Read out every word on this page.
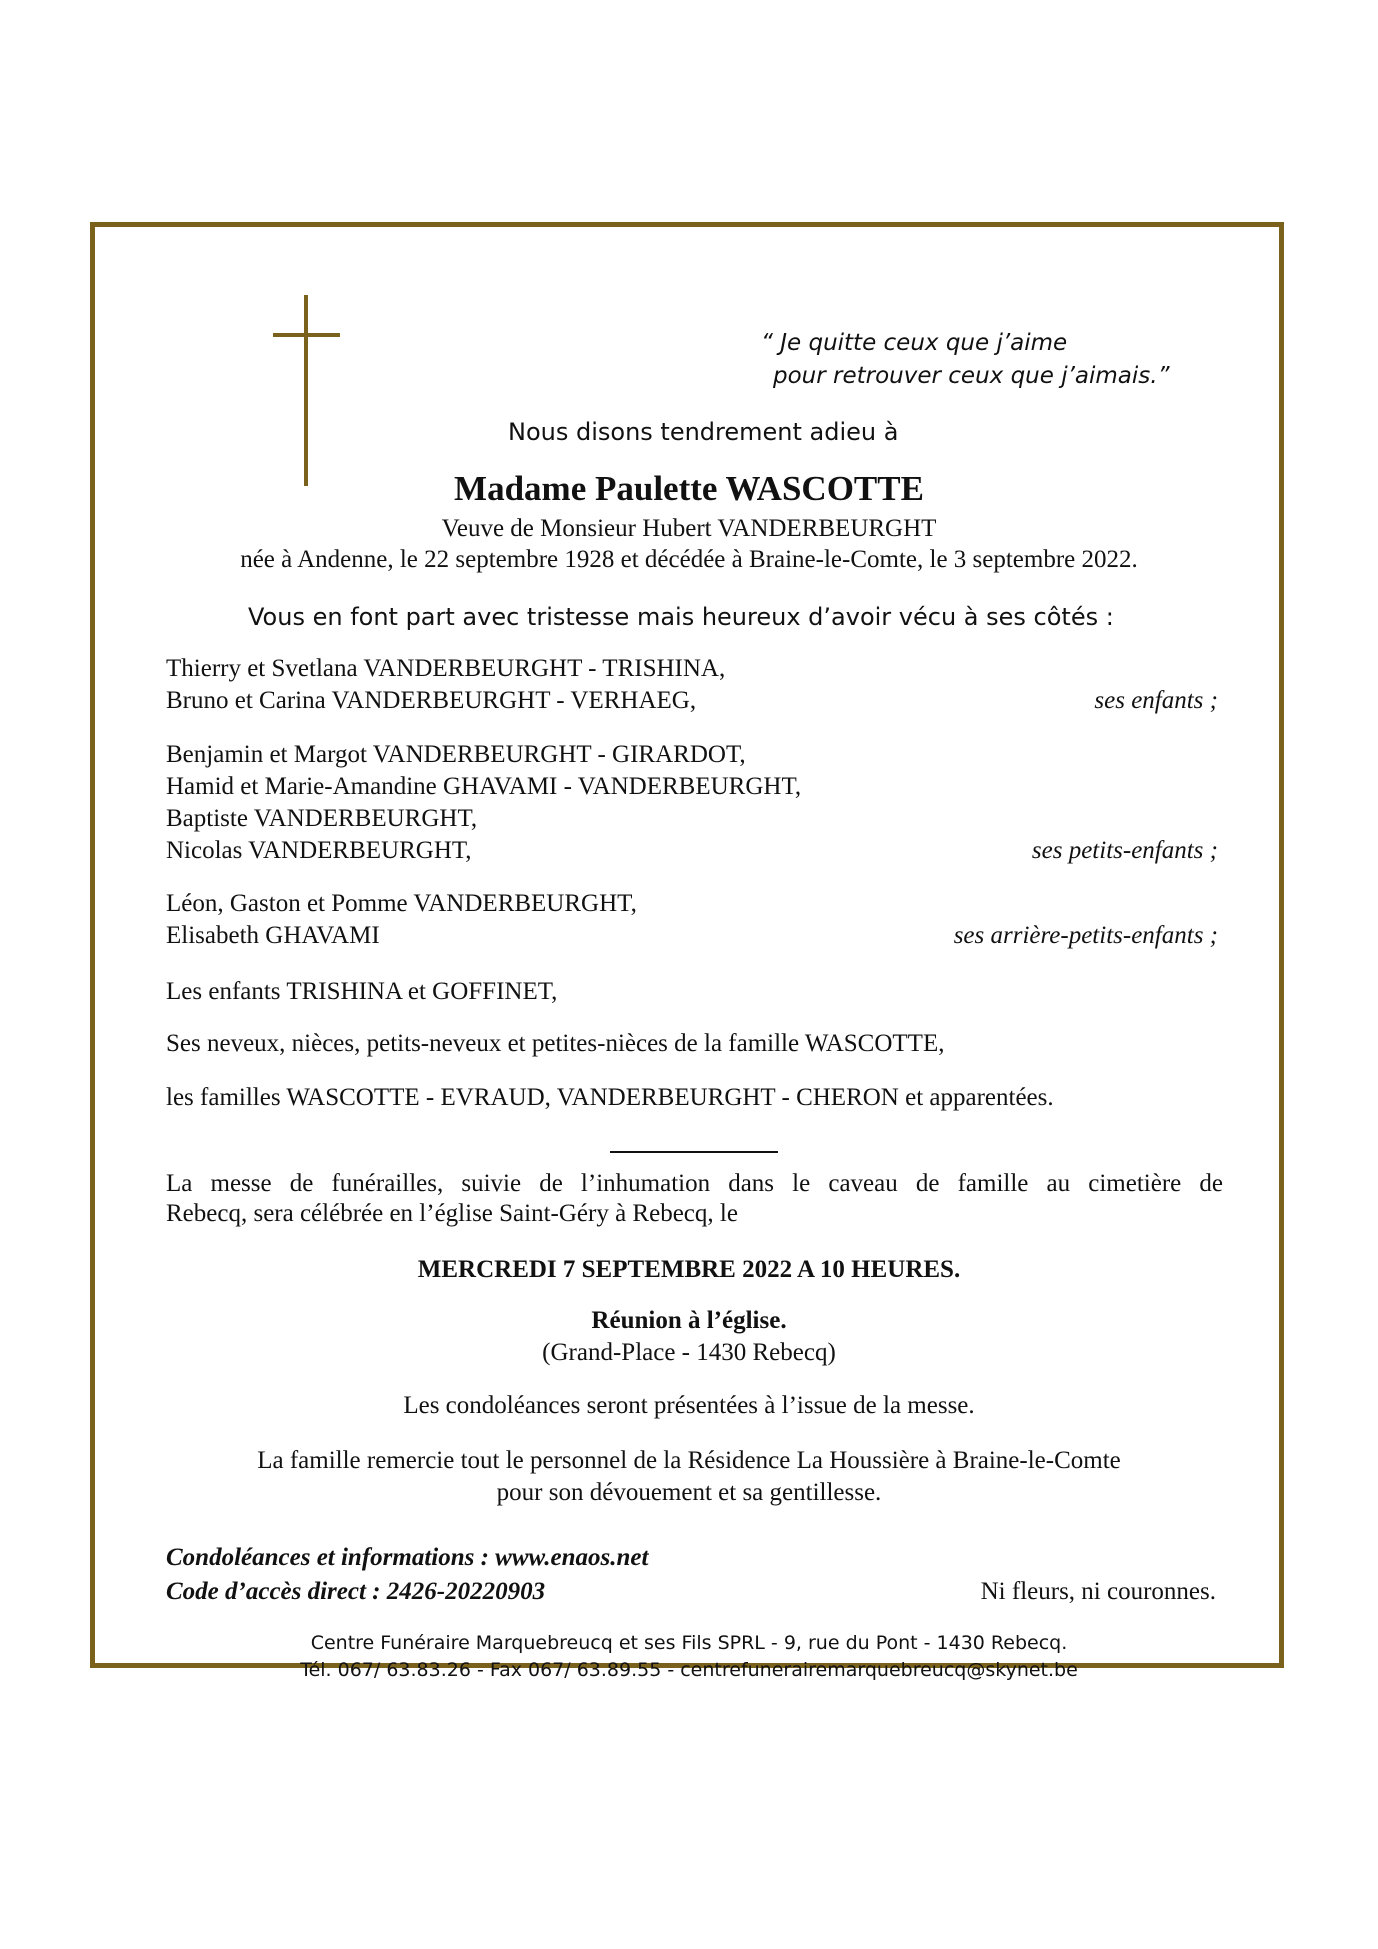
“ Je quitte ceux que j’aime
pour retrouver ceux que j’aimais.”
Nous disons tendrement adieu à
Madame Paulette WASCOTTE
Veuve de Monsieur Hubert VANDERBEURGHT
née à Andenne, le 22 septembre 1928 et décédée à Braine-le-Comte, le 3 septembre 2022.
Vous en font part avec tristesse mais heureux d’avoir vécu à ses côtés :
Thierry et Svetlana VANDERBEURGHT - TRISHINA,
Bruno et Carina VANDERBEURGHT - VERHAEG,	ses enfants ;
Benjamin et Margot VANDERBEURGHT - GIRARDOT,
Hamid et Marie-Amandine GHAVAMI - VANDERBEURGHT,
Baptiste VANDERBEURGHT,
Nicolas VANDERBEURGHT,	ses petits-enfants ;
Léon, Gaston et Pomme VANDERBEURGHT,
Elisabeth GHAVAMI	ses arrière-petits-enfants ;
Les enfants TRISHINA et GOFFINET,
Ses neveux, nièces, petits-neveux et petites-nièces de la famille WASCOTTE,
les familles WASCOTTE - EVRAUD, VANDERBEURGHT - CHERON et apparentées.
La messe de funérailles, suivie de l’inhumation dans le caveau de famille au cimetière de
Rebecq, sera célébrée en l’église Saint-Géry à Rebecq, le
MERCREDI 7 SEPTEMBRE 2022 A 10 HEURES.
Réunion à l’église.
(Grand-Place - 1430 Rebecq)
Les condoléances seront présentées à l’issue de la messe.
La famille remercie tout le personnel de la Résidence La Houssière à Braine-le-Comte
pour son dévouement et sa gentillesse.
Condoléances et informations : www.enaos.net
Code d’accès direct : 2426-20220903	Ni fleurs, ni couronnes.
Centre Funéraire Marquebreucq et ses Fils SPRL - 9, rue du Pont - 1430 Rebecq.
Tél. 067/ 63.83.26 - Fax 067/ 63.89.55 - centrefunerairemarquebreucq@skynet.be
